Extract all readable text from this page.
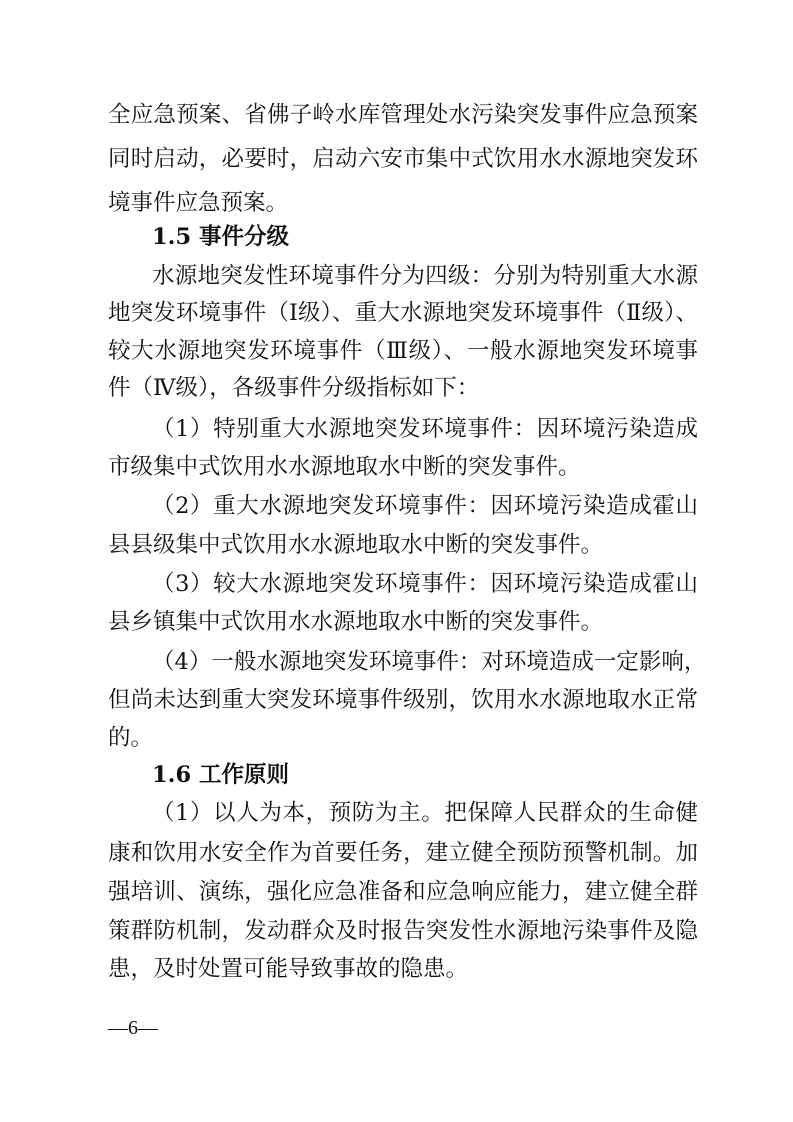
全应急预案、省佛子岭水库管理处水污染突发事件应急预案
同时启动，必要时，启动六安市集中式饮用水水源地突发环
境事件应急预案。
1.5 事件分级
水源地突发性环境事件分为四级：分别为特别重大水源
地突发环境事件（Ⅰ级）、重大水源地突发环境事件（Ⅱ级）、
较大水源地突发环境事件（Ⅲ级）、一般水源地突发环境事
件（Ⅳ级），各级事件分级指标如下：
（1）特别重大水源地突发环境事件：因环境污染造成
市级集中式饮用水水源地取水中断的突发事件。
（2）重大水源地突发环境事件：因环境污染造成霍山
县县级集中式饮用水水源地取水中断的突发事件。
（3）较大水源地突发环境事件：因环境污染造成霍山
县乡镇集中式饮用水水源地取水中断的突发事件。
（4）一般水源地突发环境事件：对环境造成一定影响，
但尚未达到重大突发环境事件级别，饮用水水源地取水正常
的。
1.6 工作原则
（1）以人为本，预防为主。把保障人民群众的生命健
康和饮用水安全作为首要任务，建立健全预防预警机制。加
强培训、演练，强化应急准备和应急响应能力，建立健全群
策群防机制，发动群众及时报告突发性水源地污染事件及隐
患，及时处置可能导致事故的隐患。
—6—
